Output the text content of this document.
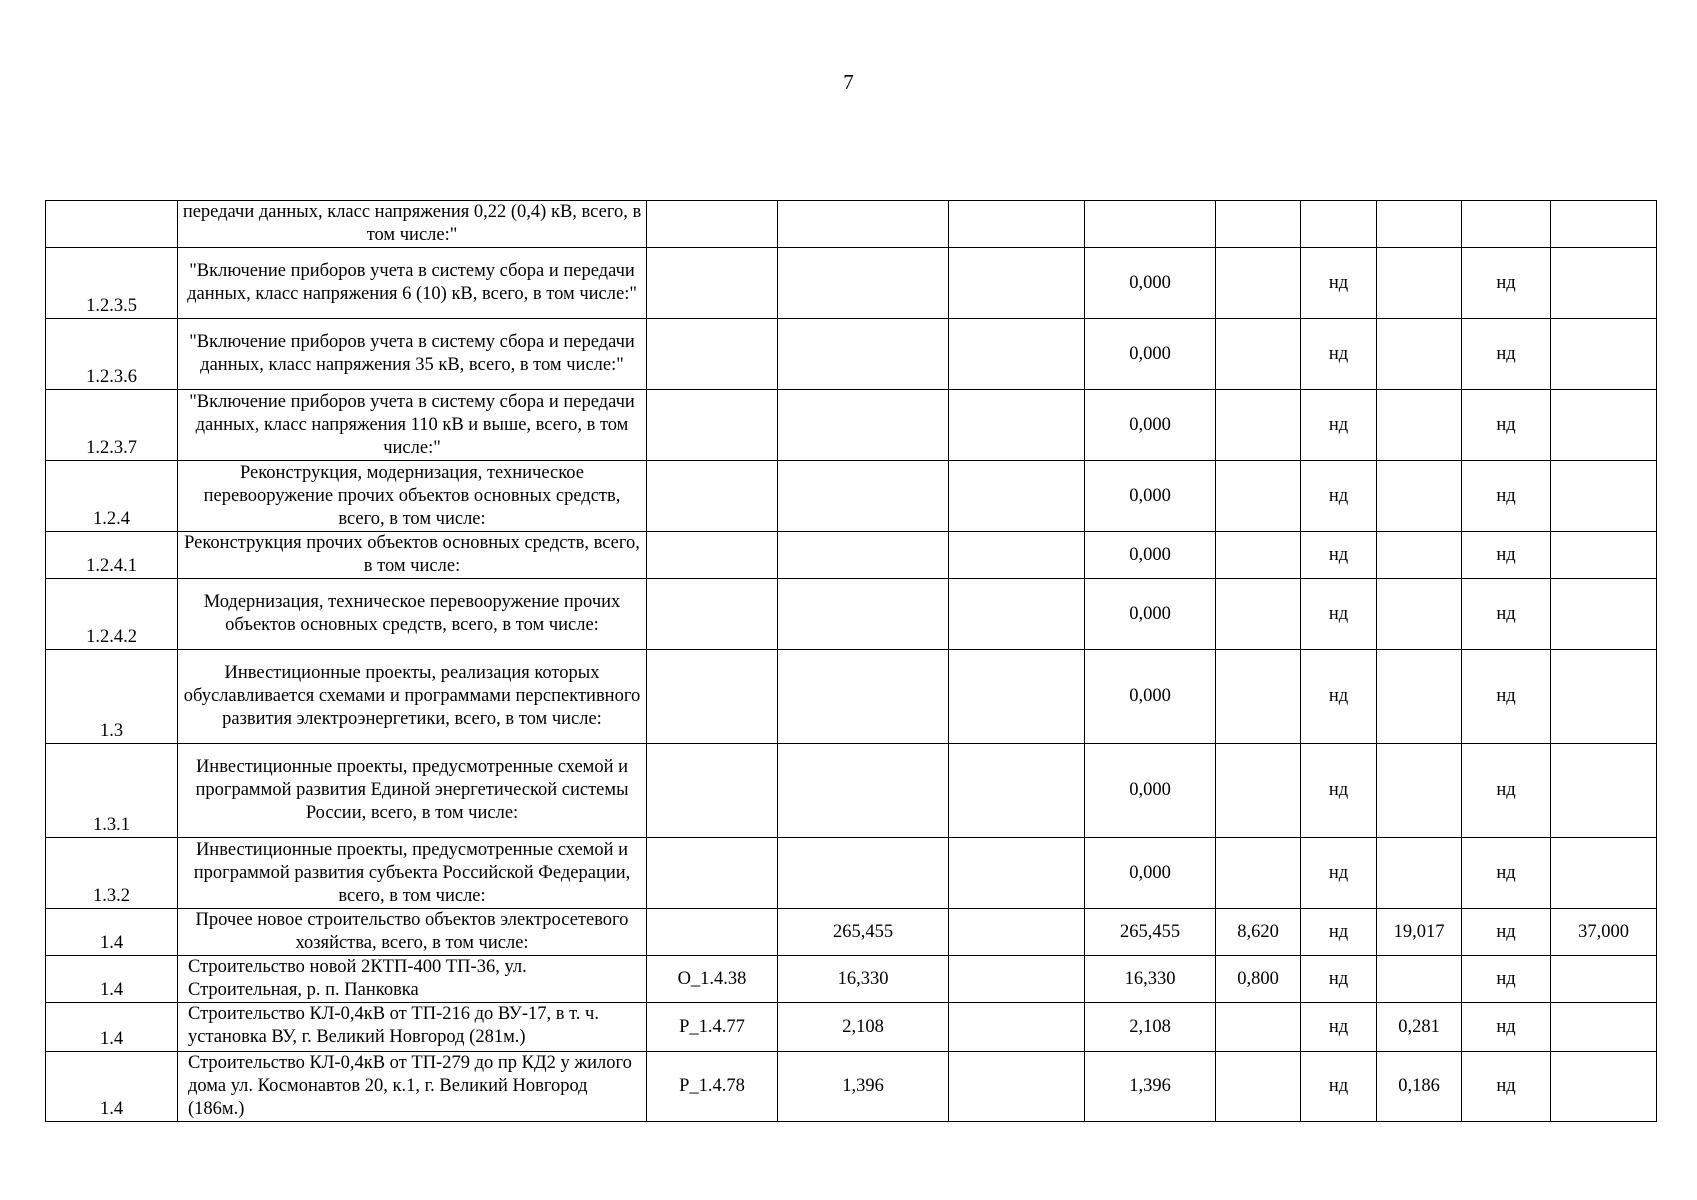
7
	передачи данных, класс напряжения 0,22 (0,4) кВ, всего, в том числе:"									
1.2.3.5	"Включение приборов учета в систему сбора и передачи данных, класс напряжения 6 (10) кВ, всего, в том числе:"				0,000		нд		нд	
1.2.3.6	"Включение приборов учета в систему сбора и передачи данных, класс напряжения 35 кВ, всего, в том числе:"				0,000		нд		нд	
1.2.3.7	"Включение приборов учета в систему сбора и передачи данных, класс напряжения 110 кВ и выше, всего, в том числе:"				0,000		нд		нд	
1.2.4	Реконструкция, модернизация, техническое перевооружение прочих объектов основных средств, всего, в том числе:				0,000		нд		нд	
1.2.4.1	Реконструкция прочих объектов основных средств, всего, в том числе:				0,000		нд		нд	
1.2.4.2	Модернизация, техническое перевооружение прочих объектов основных средств, всего, в том числе:				0,000		нд		нд	
1.3	Инвестиционные проекты, реализация которых обуславливается схемами и программами перспективного развития электроэнергетики, всего, в том числе:				0,000		нд		нд	
1.3.1	Инвестиционные проекты, предусмотренные схемой и программой развития Единой энергетической системы России, всего, в том числе:				0,000		нд		нд	
1.3.2	Инвестиционные проекты, предусмотренные схемой и программой развития субъекта Российской Федерации, всего, в том числе:				0,000		нд		нд	
1.4	Прочее новое строительство объектов электросетевого хозяйства, всего, в том числе:		265,455		265,455	8,620	нд	19,017	нд	37,000
1.4	Строительство новой 2КТП-400 ТП-36, ул. Строительная, р. п. Панковка	О_1.4.38	16,330		16,330	0,800	нд		нд	
1.4	Строительство КЛ-0,4кВ от ТП-216 до ВУ-17, в т. ч. установка ВУ, г. Великий Новгород (281м.)	Р_1.4.77	2,108		2,108		нд	0,281	нд	
1.4	Строительство КЛ-0,4кВ от ТП-279 до пр КД2 у жилого дома ул. Космонавтов 20, к.1, г. Великий Новгород (186м.)	Р_1.4.78	1,396		1,396		нд	0,186	нд	
